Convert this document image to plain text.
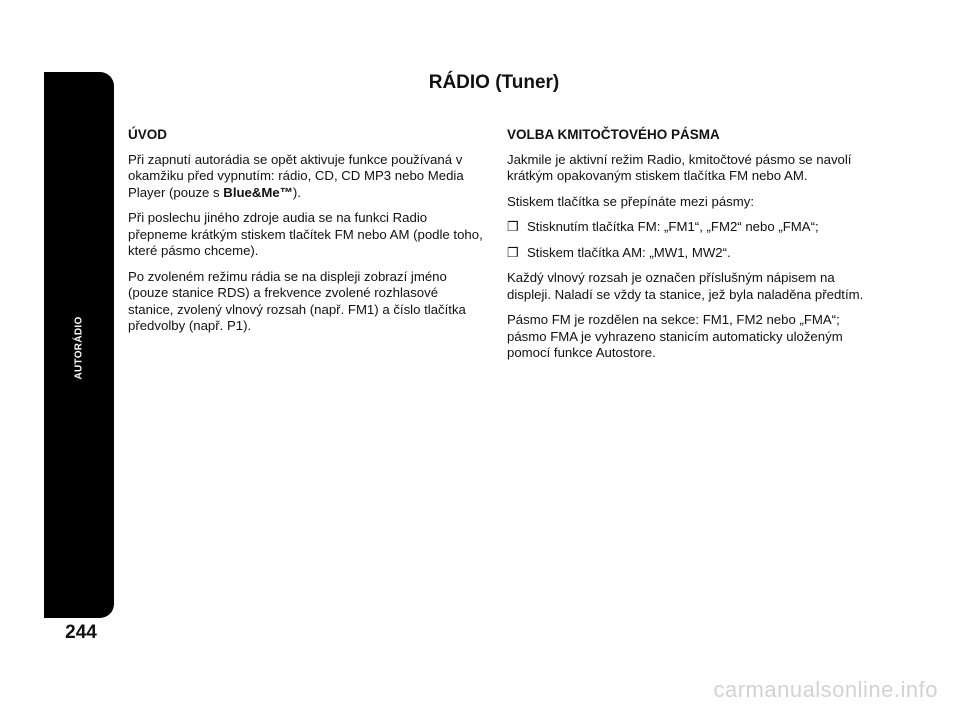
AUTORÁDIO
244
RÁDIO (Tuner)
ÚVOD

Při zapnutí autorádia se opět aktivuje funkce používaná v okamžiku před vypnutím: rádio, CD, CD MP3 nebo Media Player (pouze s Blue&Me™).

Při poslechu jiného zdroje audia se na funkci Radio přepneme krátkým stiskem tlačítek FM nebo AM (podle toho, které pásmo chceme).

Po zvoleném režimu rádia se na displeji zobrazí jméno (pouze stanice RDS) a frekvence zvolené rozhlasové stanice, zvolený vlnový rozsah (např. FM1) a číslo tlačítka předvolby (např. P1).

VOLBA KMITOČTOVÉHO PÁSMA

Jakmile je aktivní režim Radio, kmitočtové pásmo se navolí krátkým opakovaným stiskem tlačítka FM nebo AM.

Stiskem tlačítka se přepínáte mezi pásmy:

❒ Stisknutím tlačítka FM: „FM1“, „FM2“ nebo „FMA“;
❒ Stiskem tlačítka AM: „MW1, MW2“.

Každý vlnový rozsah je označen příslušným nápisem na displeji. Naladí se vždy ta stanice, jež byla naladěna předtím.

Pásmo FM je rozdělen na sekce: FM1, FM2 nebo „FMA“; pásmo FMA je vyhrazeno stanicím automaticky uloženým pomocí funkce Autostore.

carmanualsonline.info
